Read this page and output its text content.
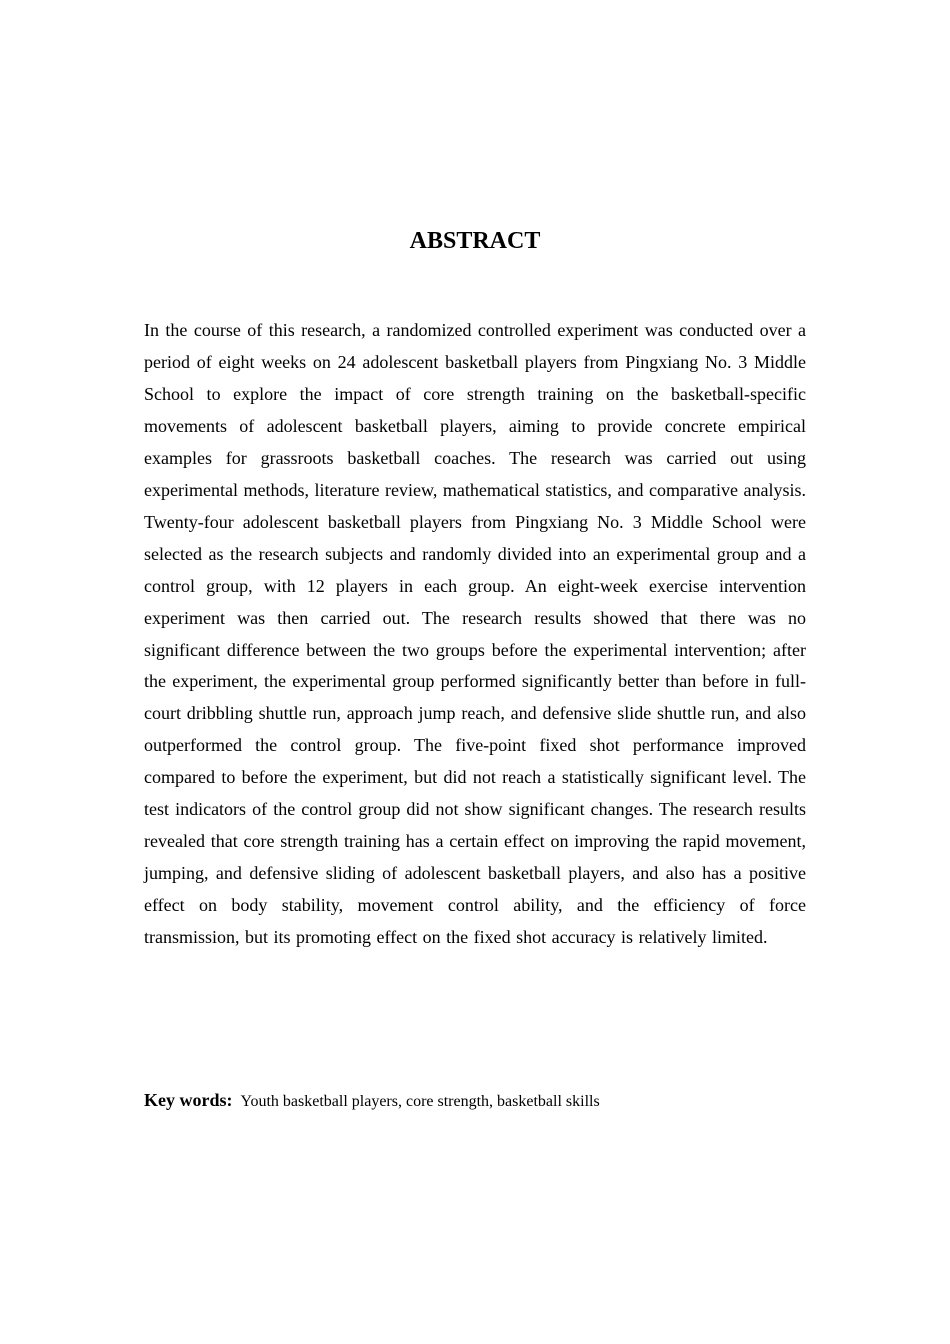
ABSTRACT

In the course of this research, a randomized controlled experiment was conducted over a period of eight weeks on 24 adolescent basketball players from Pingxiang No. 3 Middle School to explore the impact of core strength training on the basketball-specific movements of adolescent basketball players, aiming to provide concrete empirical examples for grassroots basketball coaches. The research was carried out using experimental methods, literature review, mathematical statistics, and comparative analysis. Twenty-four adolescent basketball players from Pingxiang No. 3 Middle School were selected as the research subjects and randomly divided into an experimental group and a control group, with 12 players in each group. An eight-week exercise intervention experiment was then carried out. The research results showed that there was no significant difference between the two groups before the experimental intervention; after the experiment, the experimental group performed significantly better than before in full-court dribbling shuttle run, approach jump reach, and defensive slide shuttle run, and also outperformed the control group. The five-point fixed shot performance improved compared to before the experiment, but did not reach a statistically significant level. The test indicators of the control group did not show significant changes. The research results revealed that core strength training has a certain effect on improving the rapid movement, jumping, and defensive sliding of adolescent basketball players, and also has a positive effect on body stability, movement control ability, and the efficiency of force transmission, but its promoting effect on the fixed shot accuracy is relatively limited.

Key words: Youth basketball players, core strength, basketball skills
